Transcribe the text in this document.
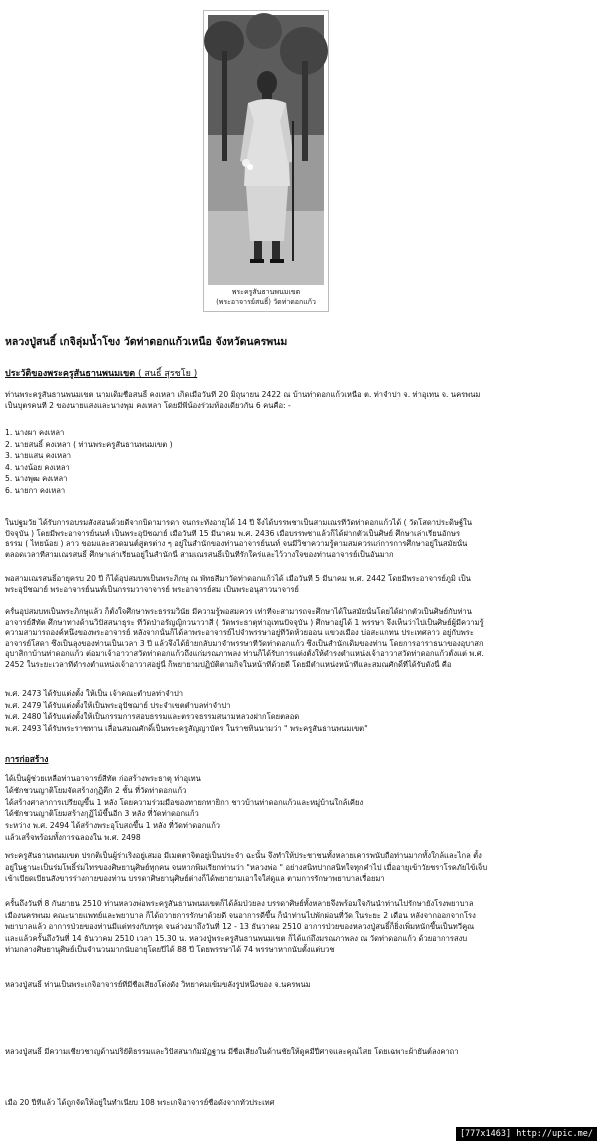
พระครูสันธานพนมเขต
(พระอาจารย์สนธิ์) วัดท่าดอกแก้ว
หลวงปู่สนธิ์ เกจิลุ่มน้ำโขง วัดท่าดอกแก้วเหนือ จังหวัดนครพนม
ประวัติของพระครูสันธานพนมเขต ( สนธิ์ สุรชโย )
ท่านพระครูสันธานพนมเขต นามเดิมชื่อสนธิ์ คงเหลา เกิดเมื่อวันที่ 20 มิถุนายน 2422 ณ บ้านท่าดอกแก้วเหนือ ต. ท่าจำปา จ. ท่าอุเทน จ. นครพนม
เป็นบุตรคนที่ 2 ของนายแสงและนางพุม คงเหลา โดยมีพี่น้องร่วมท้องเดียวกัน 6 คนคือ: -
1. นางผา คงเหลา
2. นายสนธิ์ คงเหลา ( ท่านพระครูสันธานพนมเขต )
3. นายแสน คงเหลา
4. นางน้อย คงเหลา
5. นางพุฒ คงเหลา
6. นายกา คงเหลา
ในปฐมวัย ได้รับการอบรมสั่งสอนด้วยดีจากบิดามารดา จนกระทั่งอายุได้ 14 ปี จึงได้บรรพชาเป็นสามเณรที่วัดท่าดอกแก้วได้ ( วัดโสดาประดิษฐ์ใน
ปัจจุบัน ) โดยมีพระอาจารย์นนท์ เป็นพระอุปัชฌาย์ เมื่อวันที่ 15 มีนาคม พ.ศ. 2436 เมื่อบรรพชาแล้วก็ได้ฝากตัวเป็นศิษย์ ศึกษาเล่าเรียนอักษร
ธรรม ( ไทยน้อย ) ลาว ขอมและสวดมนต์สูตรต่าง ๆ อยู่ในสำนักของท่านอาจารย์นนท์ จนมีวิชาความรู้ตามสมควรแก่การการศึกษาอยู่ในสมัยนั้น
ตลอดเวลาที่สามเณรสนธิ์ ศึกษาเล่าเรียนอยู่ในสำนักนี้ สามเณรสนธิ์เป็นที่รักใคร่และไว้วางใจของท่านอาจารย์เป็นอันมาก
พอสามเณรสนธิ์อายุครบ 20 ปี ก็ได้อุปสมบทเป็นพระภิกษุ ณ พัทธสีมาวัดท่าดอกแก้วได้ เมื่อวันที่ 5 มีนาคม พ.ศ. 2442 โดยมีพระอาจารย์ภูมิ เป็น
พระอุปัชฌาย์ พระอาจารย์นนท์เป็นกรรมวาจาจารย์ พระอาจารย์สม เป็นพระอนุสาวนาจารย์
ครั้นอุปสมบทเป็นพระภิกษุแล้ว ก็ตั้งใจศึกษาพระธรรมวินัย มีความรู้พอสมควร เท่าที่จะสามารถจะศึกษาได้ในสมัยนั้นโดยได้ฝากตัวเป็นศิษย์กับท่าน
อาจารย์สีทัต ศึกษาทางด้านวิปัสสนาธุระ ที่วัดป่าอรัญญิกวนาวาสี ( วัดพระธาตุท่าอุเทนปัจจุบัน ) ศึกษาอยู่ได้ 1 พรรษา จึงเห็นว่าไปเป็นศิษย์ผู้มีความรู้
ความสามารถองค์หนึ่งของพระอาจารย์ หลังจากนั้นก็ได้ลาพระอาจารย์ไปจำพรรษาอยู่ที่วัดห้วยออน แขวงเมือง บ่อสะแกทน ประเทศลาว อยู่กับพระ
อาจารย์โสดา ซึ่งเป็นลุงของท่านเป็นเวลา 3 ปี แล้วจึงได้ย้ายกลับมาจำพรรษาที่วัดท่าดอกแก้ว ซึ่งเป็นสำนักเดิมของท่าน โดยการอาราธนาของอุบาสก
อุบาสิกาบ้านท่าดอกแก้ว ต่อมาเจ้าอาวาสวัดท่าดอกแก้วถึงแก่มรณภาพลง ท่านก็ได้รับการแต่งตั้งให้ดำรงตำแหน่งเจ้าอาวาสวัดท่าดอกแก้วตั้งแต่ พ.ศ.
2452 ในระยะเวลาที่ดำรงตำแหน่งเจ้าอาวาสอยู่นี้ ก็พยายามปฏิบัติตามกิจในหน้าที่ด้วยดี โดยมีตำแหน่งหน้าที่และสมณศักดิ์ที่ได้รับดังนี้ คือ
พ.ศ. 2473 ได้รับแต่งตั้ง ให้เป็น เจ้าคณะตำบลท่าจำปา
พ.ศ. 2479 ได้รับแต่งตั้งให้เป็นพระอุปัชฌาย์ ประจำเขตตำบลท่าจำปา
พ.ศ. 2480 ได้รับแต่งตั้งให้เป็นกรรมการสอบธรรมและตรวจธรรมสนามหลวงฝากโดยตลอด
พ.ศ. 2493 ได้รับพระราชทาน เลื่อนสมณศักดิ์เป็นพระครูสัญญาบัตร ในราชทินนามว่า " พระครูสันธานพนมเขต"
การก่อสร้าง
ได้เป็นผู้ช่วยเหลือท่านอาจารย์สีทัต ก่อสร้างพระธาตุ ท่าอุเทน
ได้ชักชวนญาติโยมจัดสร้างกุฏิตึก 2 ชั้น ที่วัดท่าดอกแก้ว
ได้สร้างศาลาการเปรียญขึ้น 1 หลัง โดยความร่วมมือของทายกทายิกา ชาวบ้านท่าดอกแก้วและหมู่บ้านใกล้เคียง
ได้ชักชวนญาติโยมสร้างกุฏิไม้ขึ้นอีก 3 หลัง ที่วัดท่าดอกแก้ว
ระหว่าง พ.ศ. 2494 ได้สร้างพระอุโบสถขึ้น 1 หลัง ที่วัดท่าดอกแก้ว
แล้วเสร็จพร้อมทั้งการฉลองใน พ.ศ. 2498
พระครูสันธานพนมเขต ปรกติเป็นผู้ร่าเริงอยู่เสมอ มีเมตตาจิตอยู่เป็นประจำ ฉะนั้น จึงทำให้ประชาชนทั้งหลายเคารพนับถือท่านมากทั้งใกล้และไกล ตั้ง
อยู่ในฐานะเป็นร่มโพธิ์ร่มไทรของศิษยานุศิษย์ทุกคน จนหากพิมเรียกท่านว่า "หลวงพ่อ " อย่างสนิทปากสนิทใจทุกคำไป เมื่ออายุเข้าวัยชราโรคภัยไข้เจ็บ
เข้าเบียดเบียนสังขารร่างกายของท่าน บรรดาศิษยานุศิษย์ต่างก็ได้พยายามเอาใจใส่ดูแล ตามการรักษาพยาบาลเรื่อยมา
ครั้นถึงวันที่ 8 กันยายน 2510 ท่านหลวงพ่อพระครูสันธานพนมเขตก็ได้ล้มป่วยลง บรรดาศิษย์ทั้งหลายจึงพร้อมใจกันนำท่านไปรักษายังโรงพยาบาล
เมืองนครพนม คณะนายแพทย์และพยาบาล ก็ได้ถวายการรักษาด้วยดี จนอาการดีขึ้น ก็นำท่านไปพักผ่อนที่วัด ในระยะ 2 เดือน หลังจากออกจากโรง
พยาบาลแล้ว อาการป่วยของท่านมีแต่ทรงกับทรุด จนล่วงมาถึงวันที่ 12 - 13 ธันวาคม 2510 อาการป่วยของหลวงปู่สนธิ์ก็ยิ่งเพิ่มหนักขึ้นเป็นทวีคูณ
และแล้วครั้นถึงวันที่ 14 ธันวาคม 2510 เวลา 15.30 น. หลวงปู่พระครูสันธานพนมเขต ก็ได้แก่ถึงมรณภาพลง ณ วัดท่าดอกแก้ว ด้วยอาการสงบ
ท่ามกลางศิษยานุศิษย์เป็นจำนวนมากนับอายุโดยปีได้ 88 ปี โดยพรรษาได้ 74 พรรษาหากนับตั้งแต่บวช
หลวงปู่สนธิ์ ท่านเป็นพระเกจิอาจารย์ที่มีชื่อเสียงโด่งดัง วิทยาคมเข้มขลังรูปหนึ่งของ จ.นครพนม
หลวงปู่สนธิ์ มีความเชี่ยวชาญด้านปริยัติธรรมและวิปัสสนากัมมัฏฐาน มีชื่อเสียงในด้านชัยให้ดูคมีปีศาจและคุณไสย โดยเฉพาะผ้ายันต์ลงคาถา
เมื่อ 20 ปีที่แล้ว ได้ถูกจัดให้อยู่ในทำเนียบ 108 พระเกจิอาจารย์ชื่อดังจากทั่วประเทศ
[777x1463] http://upic.me/
